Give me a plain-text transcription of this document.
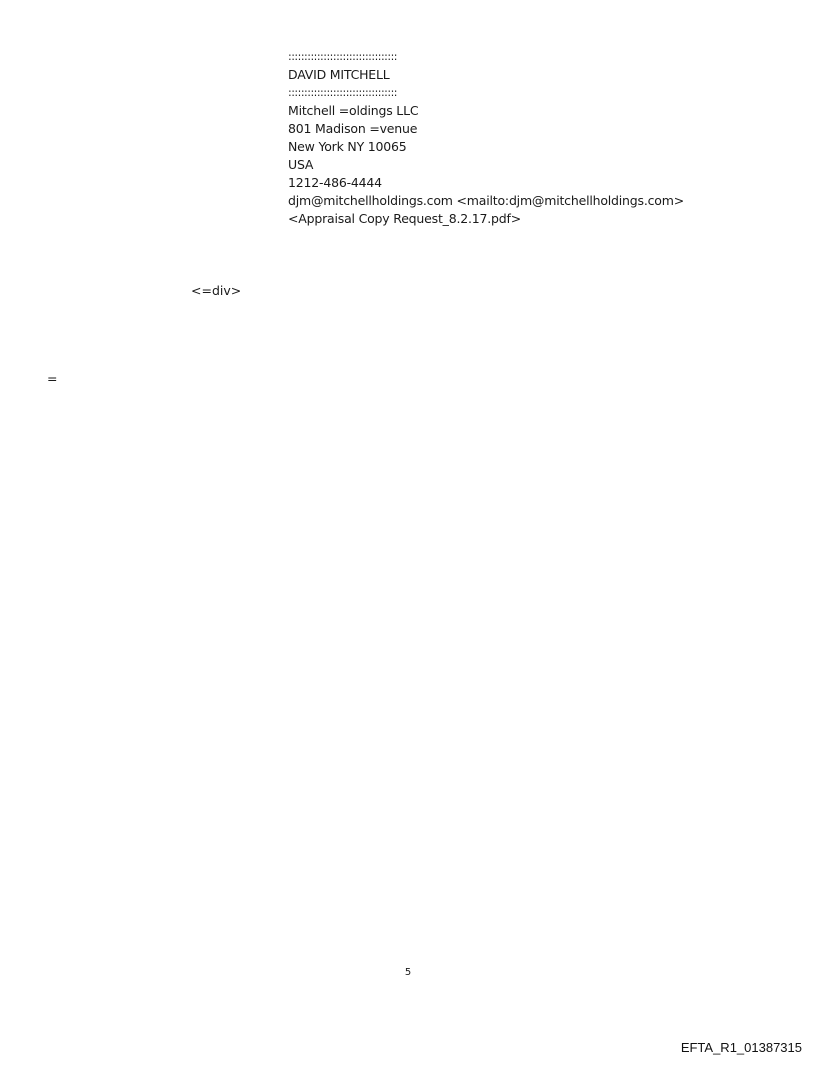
::::::::::::::::::::::::::::::::::
DAVID MITCHELL
::::::::::::::::::::::::::::::::::
Mitchell =oldings LLC
801 Madison =venue
New York NY 10065
USA
1212-486-4444
djm@mitchellholdings.com <mailto:djm@mitchellholdings.com>
<Appraisal Copy Request_8.2.17.pdf>
<=div>
=
5
EFTA_R1_01387315
